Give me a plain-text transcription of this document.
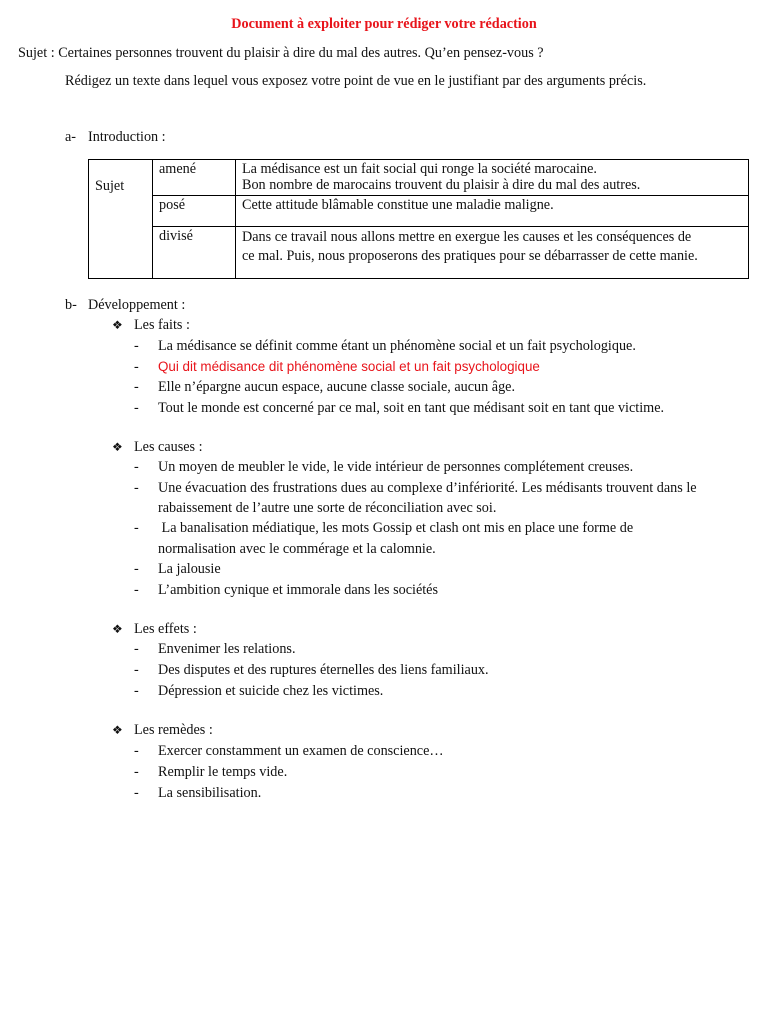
Document à exploiter pour rédiger votre rédaction
Sujet : Certaines personnes trouvent du plaisir à dire du mal des autres. Qu’en pensez-vous ?
Rédigez un texte dans lequel vous exposez votre point de vue en le justifiant par des arguments précis.
a- Introduction :
Sujet	amené	La médisance est un fait social qui ronge la société marocaine.
Bon nombre de marocains trouvent du plaisir à dire du mal des autres.

	posé	Cette attitude blâmable constitue une maladie maligne.

	divisé	Dans ce travail nous allons mettre en exergue les causes et les conséquences de
ce mal. Puis, nous proposerons des pratiques pour se débarrasser de cette manie.
b- Développement :
❖ Les faits :
- La médisance se définit comme étant un phénomène social et un fait psychologique.
- Qui dit médisance dit phénomène social et un fait psychologique
- Elle n’épargne aucun espace, aucune classe sociale, aucun âge.
- Tout le monde est concerné par ce mal, soit en tant que médisant soit en tant que victime.
❖ Les causes :
- Un moyen de meubler le vide, le vide intérieur de personnes complétement creuses.
- Une évacuation des frustrations dues au complexe d’infériorité. Les médisants trouvent dans le
rabaissement de l’autre une sorte de réconciliation avec soi.
- La banalisation médiatique, les mots Gossip et clash ont mis en place une forme de
normalisation avec le commérage et la calomnie.
- La jalousie
- L’ambition cynique et immorale dans les sociétés
❖ Les effets :
- Envenimer les relations.
- Des disputes et des ruptures éternelles des liens familiaux.
- Dépression et suicide chez les victimes.
❖ Les remèdes :
- Exercer constamment un examen de conscience…
- Remplir le temps vide.
- La sensibilisation.
